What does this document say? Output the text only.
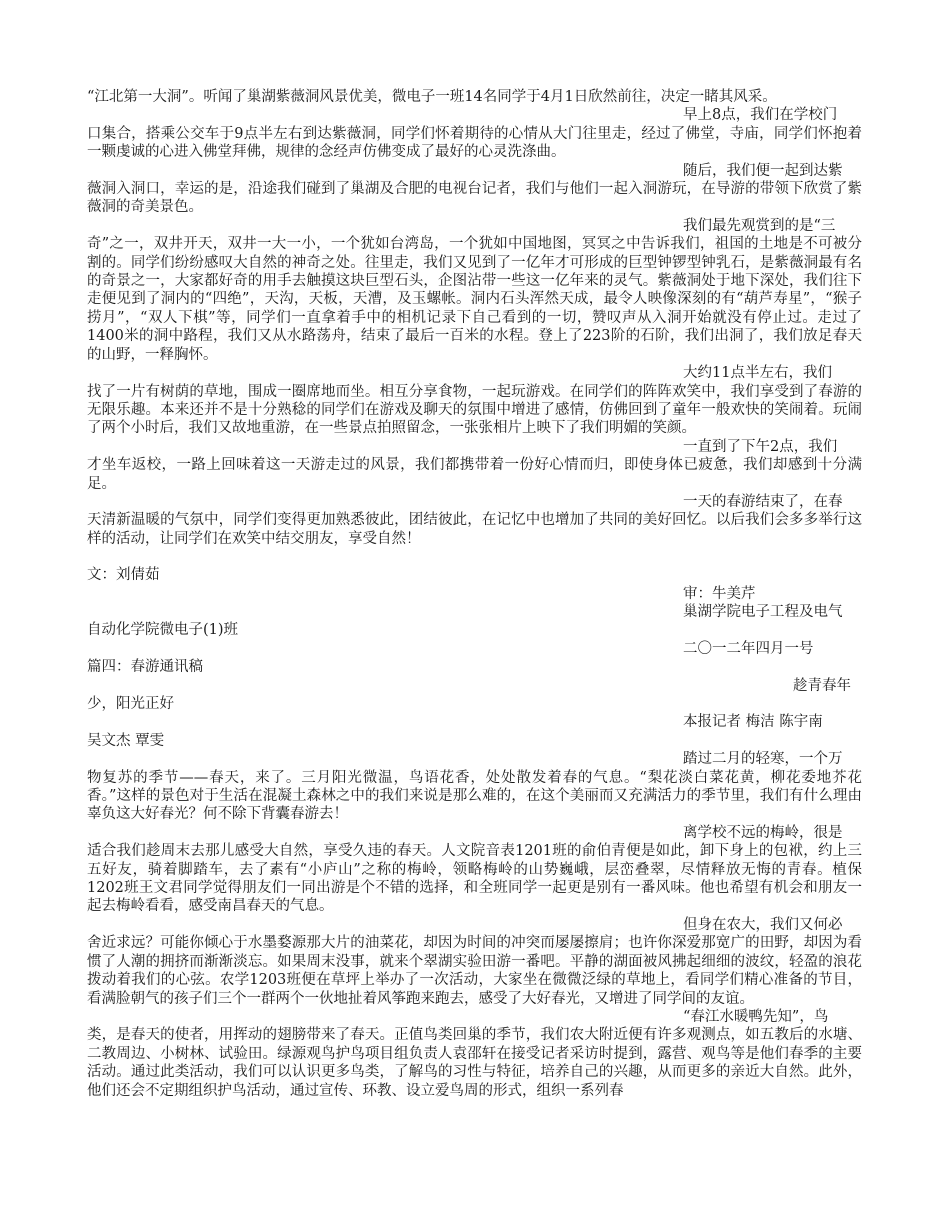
“江北第一大洞”。听闻了巢湖紫薇洞风景优美，微电子一班14名同学于4月1日欣然前往，决定一睹其风采。
早上8点，我们在学校门
口集合，搭乘公交车于9点半左右到达紫薇洞，同学们怀着期待的心情从大门往里走，经过了佛堂，寺庙，同学们怀抱着一颗虔诚的心进入佛堂拜佛，规律的念经声仿佛变成了最好的心灵洗涤曲。
随后，我们便一起到达紫
薇洞入洞口，幸运的是，沿途我们碰到了巢湖及合肥的电视台记者，我们与他们一起入洞游玩，在导游的带领下欣赏了紫薇洞的奇美景色。
我们最先观赏到的是“三
奇”之一，双井开天，双井一大一小，一个犹如台湾岛，一个犹如中国地图，冥冥之中告诉我们，祖国的土地是不可被分割的。同学们纷纷感叹大自然的神奇之处。往里走，我们又见到了一亿年才可形成的巨型钟锣型钟乳石，是紫薇洞最有名的奇景之一，大家都好奇的用手去触摸这块巨型石头，企图沾带一些这一亿年来的灵气。紫薇洞处于地下深处，我们往下走便见到了洞内的“四绝”，天沟，天板，天漕，及玉螺帐。洞内石头浑然天成，最令人映像深刻的有“葫芦寿星”，“猴子捞月”，“双人下棋”等，同学们一直拿着手中的相机记录下自己看到的一切，赞叹声从入洞开始就没有停止过。走过了1400米的洞中路程，我们又从水路荡舟，结束了最后一百米的水程。登上了223阶的石阶，我们出洞了，我们放足春天的山野，一释胸怀。
大约11点半左右，我们
找了一片有树荫的草地，围成一圈席地而坐。相互分享食物，一起玩游戏。在同学们的阵阵欢笑中，我们享受到了春游的无限乐趣。本来还并不是十分熟稔的同学们在游戏及聊天的氛围中增进了感情，仿佛回到了童年一般欢快的笑闹着。玩闹了两个小时后，我们又故地重游，在一些景点拍照留念，一张张相片上映下了我们明媚的笑颜。
一直到了下午2点，我们
才坐车返校，一路上回味着这一天游走过的风景，我们都携带着一份好心情而归，即使身体已疲惫，我们却感到十分满足。
一天的春游结束了，在春
天清新温暖的气氛中，同学们变得更加熟悉彼此，团结彼此，在记忆中也增加了共同的美好回忆。以后我们会多多举行这样的活动，让同学们在欢笑中结交朋友，享受自然！
文：刘倩茹
审：牛美芹
巢湖学院电子工程及电气
自动化学院微电子(1)班
二〇一二年四月一号
篇四：春游通讯稿
趁青春年
少，阳光正好
本报记者 梅洁 陈宇南
吴文杰 覃雯
踏过二月的轻寒，一个万
物复苏的季节——春天，来了。三月阳光微温，鸟语花香，处处散发着春的气息。“梨花淡白菜花黄，柳花委地芥花香。”这样的景色对于生活在混凝土森林之中的我们来说是那么难的，在这个美丽而又充满活力的季节里，我们有什么理由辜负这大好春光？何不除下背囊春游去！
离学校不远的梅岭，很是
适合我们趁周末去那儿感受大自然，享受久违的春天。人文院音表1201班的俞伯青便是如此，卸下身上的包袱，约上三五好友，骑着脚踏车，去了素有“小庐山”之称的梅岭，领略梅岭的山势巍峨，层峦叠翠，尽情释放无悔的青春。植保1202班王文君同学觉得朋友们一同出游是个不错的选择，和全班同学一起更是别有一番风味。他也希望有机会和朋友一起去梅岭看看，感受南昌春天的气息。
但身在农大，我们又何必
舍近求远？可能你倾心于水墨婺源那大片的油菜花，却因为时间的冲突而屡屡擦肩；也许你深爱那宽广的田野，却因为看惯了人潮的拥挤而渐渐淡忘。如果周末没事，就来个翠湖实验田游一番吧。平静的湖面被风拂起细细的波纹，轻盈的浪花拨动着我们的心弦。农学1203班便在草坪上举办了一次活动，大家坐在微微泛绿的草地上，看同学们精心准备的节目，看满脸朝气的孩子们三个一群两个一伙地扯着风筝跑来跑去，感受了大好春光，又增进了同学间的友谊。
“春江水暖鸭先知”，鸟
类，是春天的使者，用挥动的翅膀带来了春天。正值鸟类回巢的季节，我们农大附近便有许多观测点，如五教后的水塘、二教周边、小树林、试验田。绿源观鸟护鸟项目组负责人袁邵轩在接受记者采访时提到，露营、观鸟等是他们春季的主要活动。通过此类活动，我们可以认识更多鸟类，了解鸟的习性与特征，培养自己的兴趣，从而更多的亲近大自然。此外，他们还会不定期组织护鸟活动，通过宣传、环教、设立爱鸟周的形式，组织一系列春
